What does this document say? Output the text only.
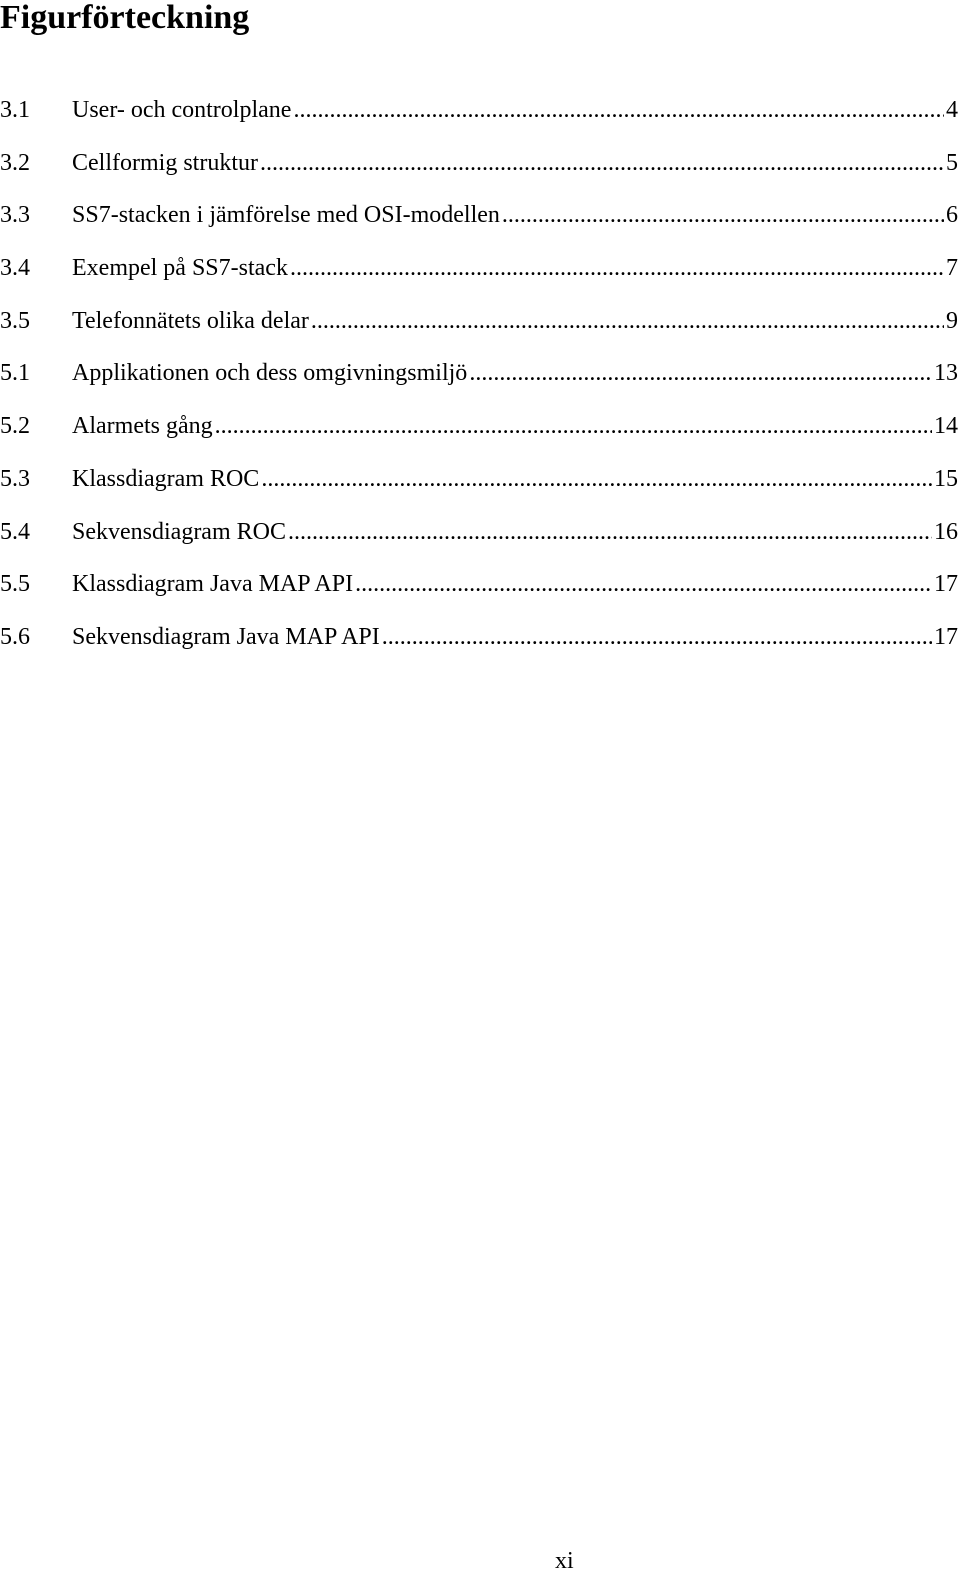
Figurförteckning
3.1	User- och controlplane .....	4
3.2	Cellformig struktur .....	5
3.3	SS7-stacken i jämförelse med OSI-modellen .....	6
3.4	Exempel på SS7-stack .....	7
3.5	Telefonnätets olika delar .....	9
5.1	Applikationen och dess omgivningsmiljö .....	13
5.2	Alarmets gång .....	14
5.3	Klassdiagram ROC .....	15
5.4	Sekvensdiagram ROC .....	16
5.5	Klassdiagram Java MAP API .....	17
5.6	Sekvensdiagram Java MAP API .....	17
xi
